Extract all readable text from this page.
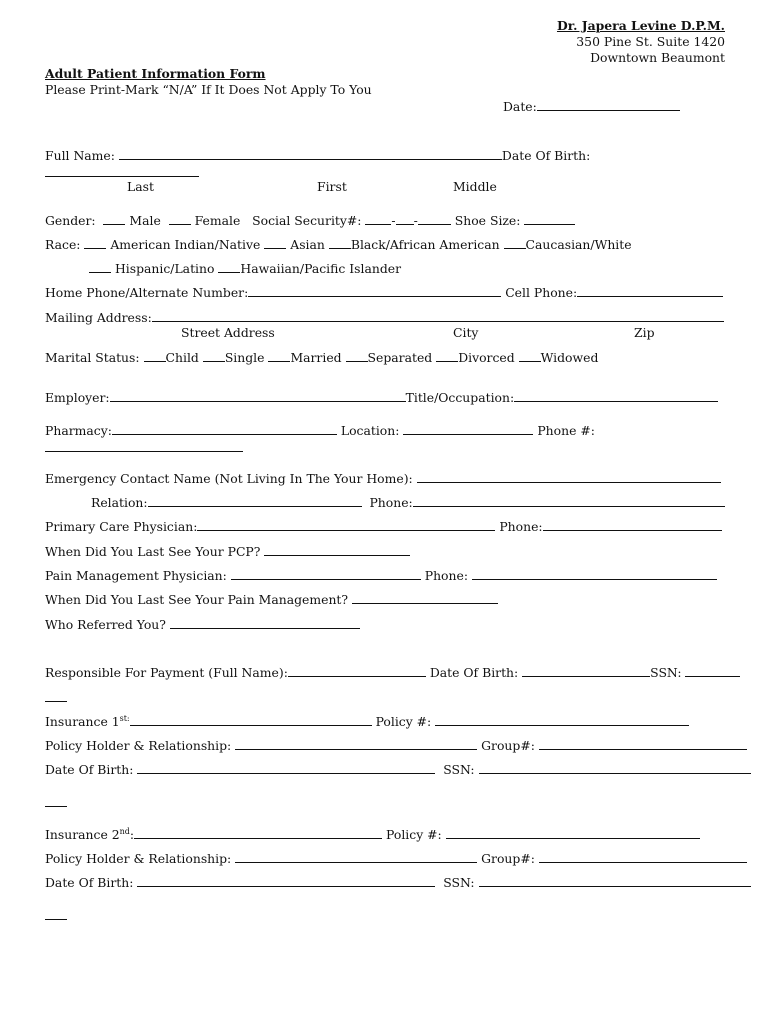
Dr. Japera Levine D.P.M.
350 Pine St. Suite 1420
Downtown Beaumont
Adult Patient Information Form
Please Print-Mark “N/A” If It Does Not Apply To You
Date:
Full Name:	Date Of Birth:
Last	First	Middle
Gender:	Male	Female Social Security#: - -	Shoe Size:
Race: American Indian/Native Asian Black/African American Caucasian/White
Hispanic/Latino Hawaiian/Pacific Islander
Home Phone/Alternate Number:	Cell Phone:
Mailing Address:
Street Address	City	Zip
Marital Status: Child Single Married Separated Divorced Widowed
Employer:	Title/Occupation:
Pharmacy:	Location:	Phone #:
Emergency Contact Name (Not Living In The Your Home):
Relation:	Phone:
Primary Care Physician:	Phone:
When Did You Last See Your PCP?
Pain Management Physician:	Phone:
When Did You Last See Your Pain Management?
Who Referred You?
Responsible For Payment (Full Name):	Date Of Birth:	SSN:
Insurance $1^{st:}$	Policy #:
Policy Holder & Relationship:	Group#:
Date Of Birth:	SSN:
Insurance 2nd:	Policy #:
Policy Holder & Relationship:	Group#:
Date Of Birth:	SSN:
